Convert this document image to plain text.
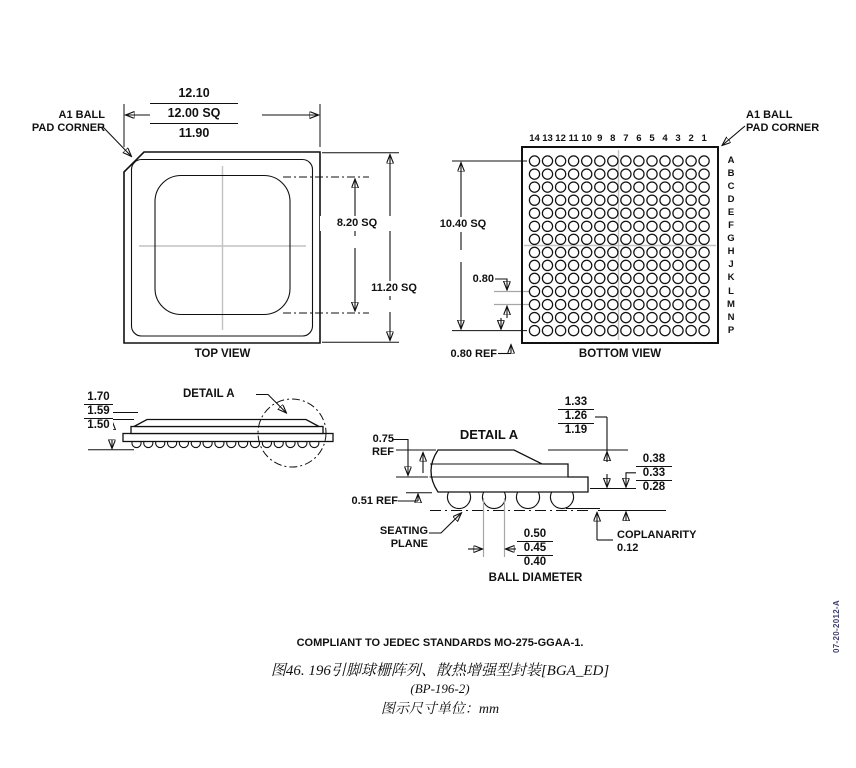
A1 BALL
PAD CORNER
12.10
12.00 SQ
11.90
8.20 SQ
11.20 SQ
TOP VIEW
A1 BALL
PAD CORNER
14 13 12 11 10 9 8 7 6 5 4 3 2 1
A
B
C
D
E
F
G
H
J
K
L
M
N
P
10.40 SQ
0.80
0.80 REF	BOTTOM VIEW
1.70
1.59
1.50
DETAIL A
DETAIL A
1.33
1.26
1.19
0.75
REF
0.51 REF
0.38
0.33
0.28
SEATING
PLANE
COPLANARITY
0.12
0.50
0.45
0.40
BALL DIAMETER
COMPLIANT TO JEDEC STANDARDS MO-275-GGAA-1.
图46. 196引脚球栅阵列、散热增强型封装[BGA_ED]
(BP-196-2)
图示尺寸单位：mm
07-20-2012-A
